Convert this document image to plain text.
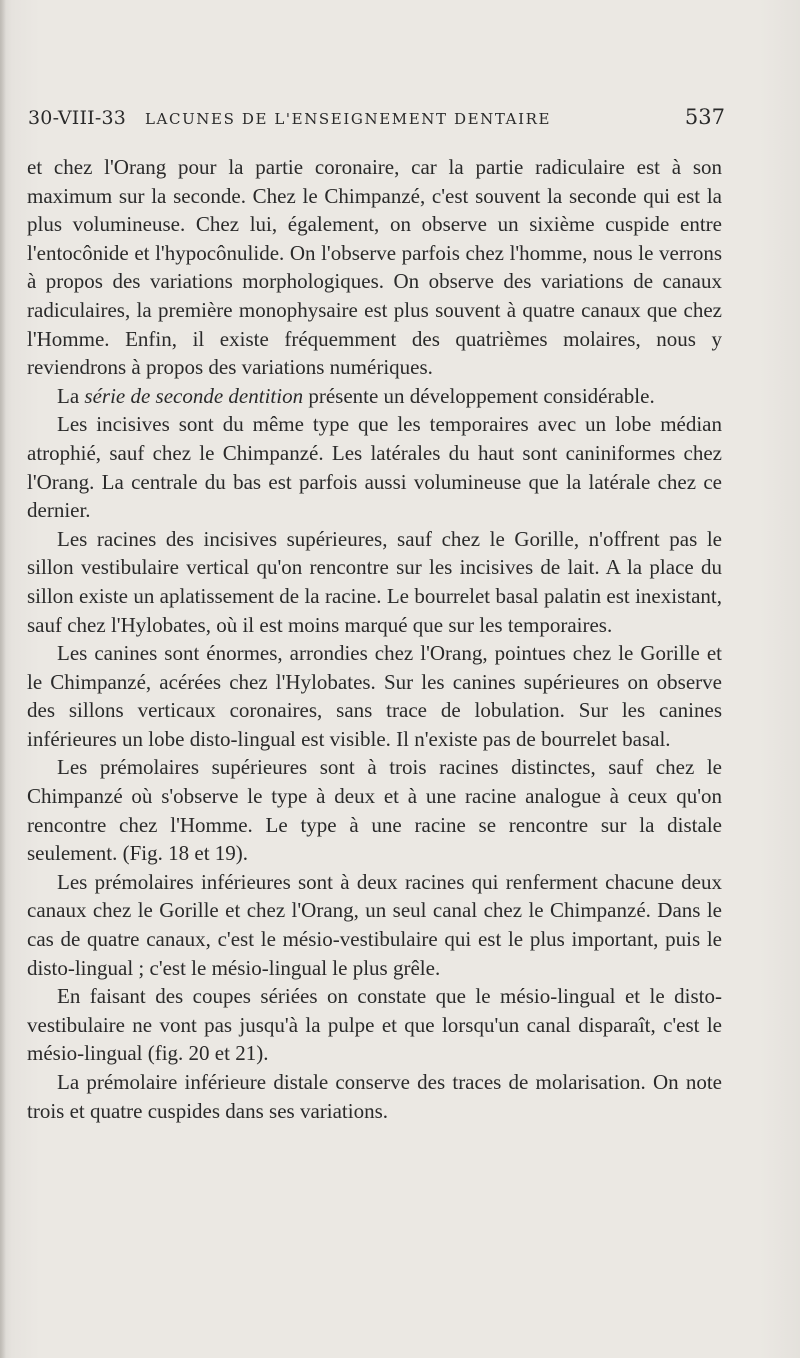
30-VIII-33 LACUNES DE L'ENSEIGNEMENT DENTAIRE	537

et chez l'Orang pour la partie coronaire, car la partie radiculaire est à son maximum sur la seconde. Chez le Chimpanzé, c'est souvent la seconde qui est la plus volumineuse. Chez lui, également, on observe un sixième cuspide entre l'entocônide et l'hypocônulide. On l'observe parfois chez l'homme, nous le verrons à propos des variations morphologiques. On observe des variations de canaux radiculaires, la première monophysaire est plus souvent à quatre canaux que chez l'Homme. Enfin, il existe fréquemment des quatrièmes molaires, nous y reviendrons à propos des variations numériques.

La série de seconde dentition présente un développement considérable.

Les incisives sont du même type que les temporaires avec un lobe médian atrophié, sauf chez le Chimpanzé. Les latérales du haut sont caniniformes chez l'Orang. La centrale du bas est parfois aussi volumineuse que la latérale chez ce dernier.

Les racines des incisives supérieures, sauf chez le Gorille, n'offrent pas le sillon vestibulaire vertical qu'on rencontre sur les incisives de lait. A la place du sillon existe un aplatissement de la racine. Le bourrelet basal palatin est inexistant, sauf chez l'Hylobates, où il est moins marqué que sur les temporaires.

Les canines sont énormes, arrondies chez l'Orang, pointues chez le Gorille et le Chimpanzé, acérées chez l'Hylobates. Sur les canines supérieures on observe des sillons verticaux coronaires, sans trace de lobulation. Sur les canines inférieures un lobe disto-lingual est visible. Il n'existe pas de bourrelet basal.

Les prémolaires supérieures sont à trois racines distinctes, sauf chez le Chimpanzé où s'observe le type à deux et à une racine analogue à ceux qu'on rencontre chez l'Homme. Le type à une racine se rencontre sur la distale seulement. (Fig. 18 et 19).

Les prémolaires inférieures sont à deux racines qui renferment chacune deux canaux chez le Gorille et chez l'Orang, un seul canal chez le Chimpanzé. Dans le cas de quatre canaux, c'est le mésio-vestibulaire qui est le plus important, puis le disto-lingual ; c'est le mésio-lingual le plus grêle.

En faisant des coupes sériées on constate que le mésio-lingual et le disto-vestibulaire ne vont pas jusqu'à la pulpe et que lorsqu'un canal disparaît, c'est le mésio-lingual (fig. 20 et 21).

La prémolaire inférieure distale conserve des traces de molarisation. On note trois et quatre cuspides dans ses variations.
